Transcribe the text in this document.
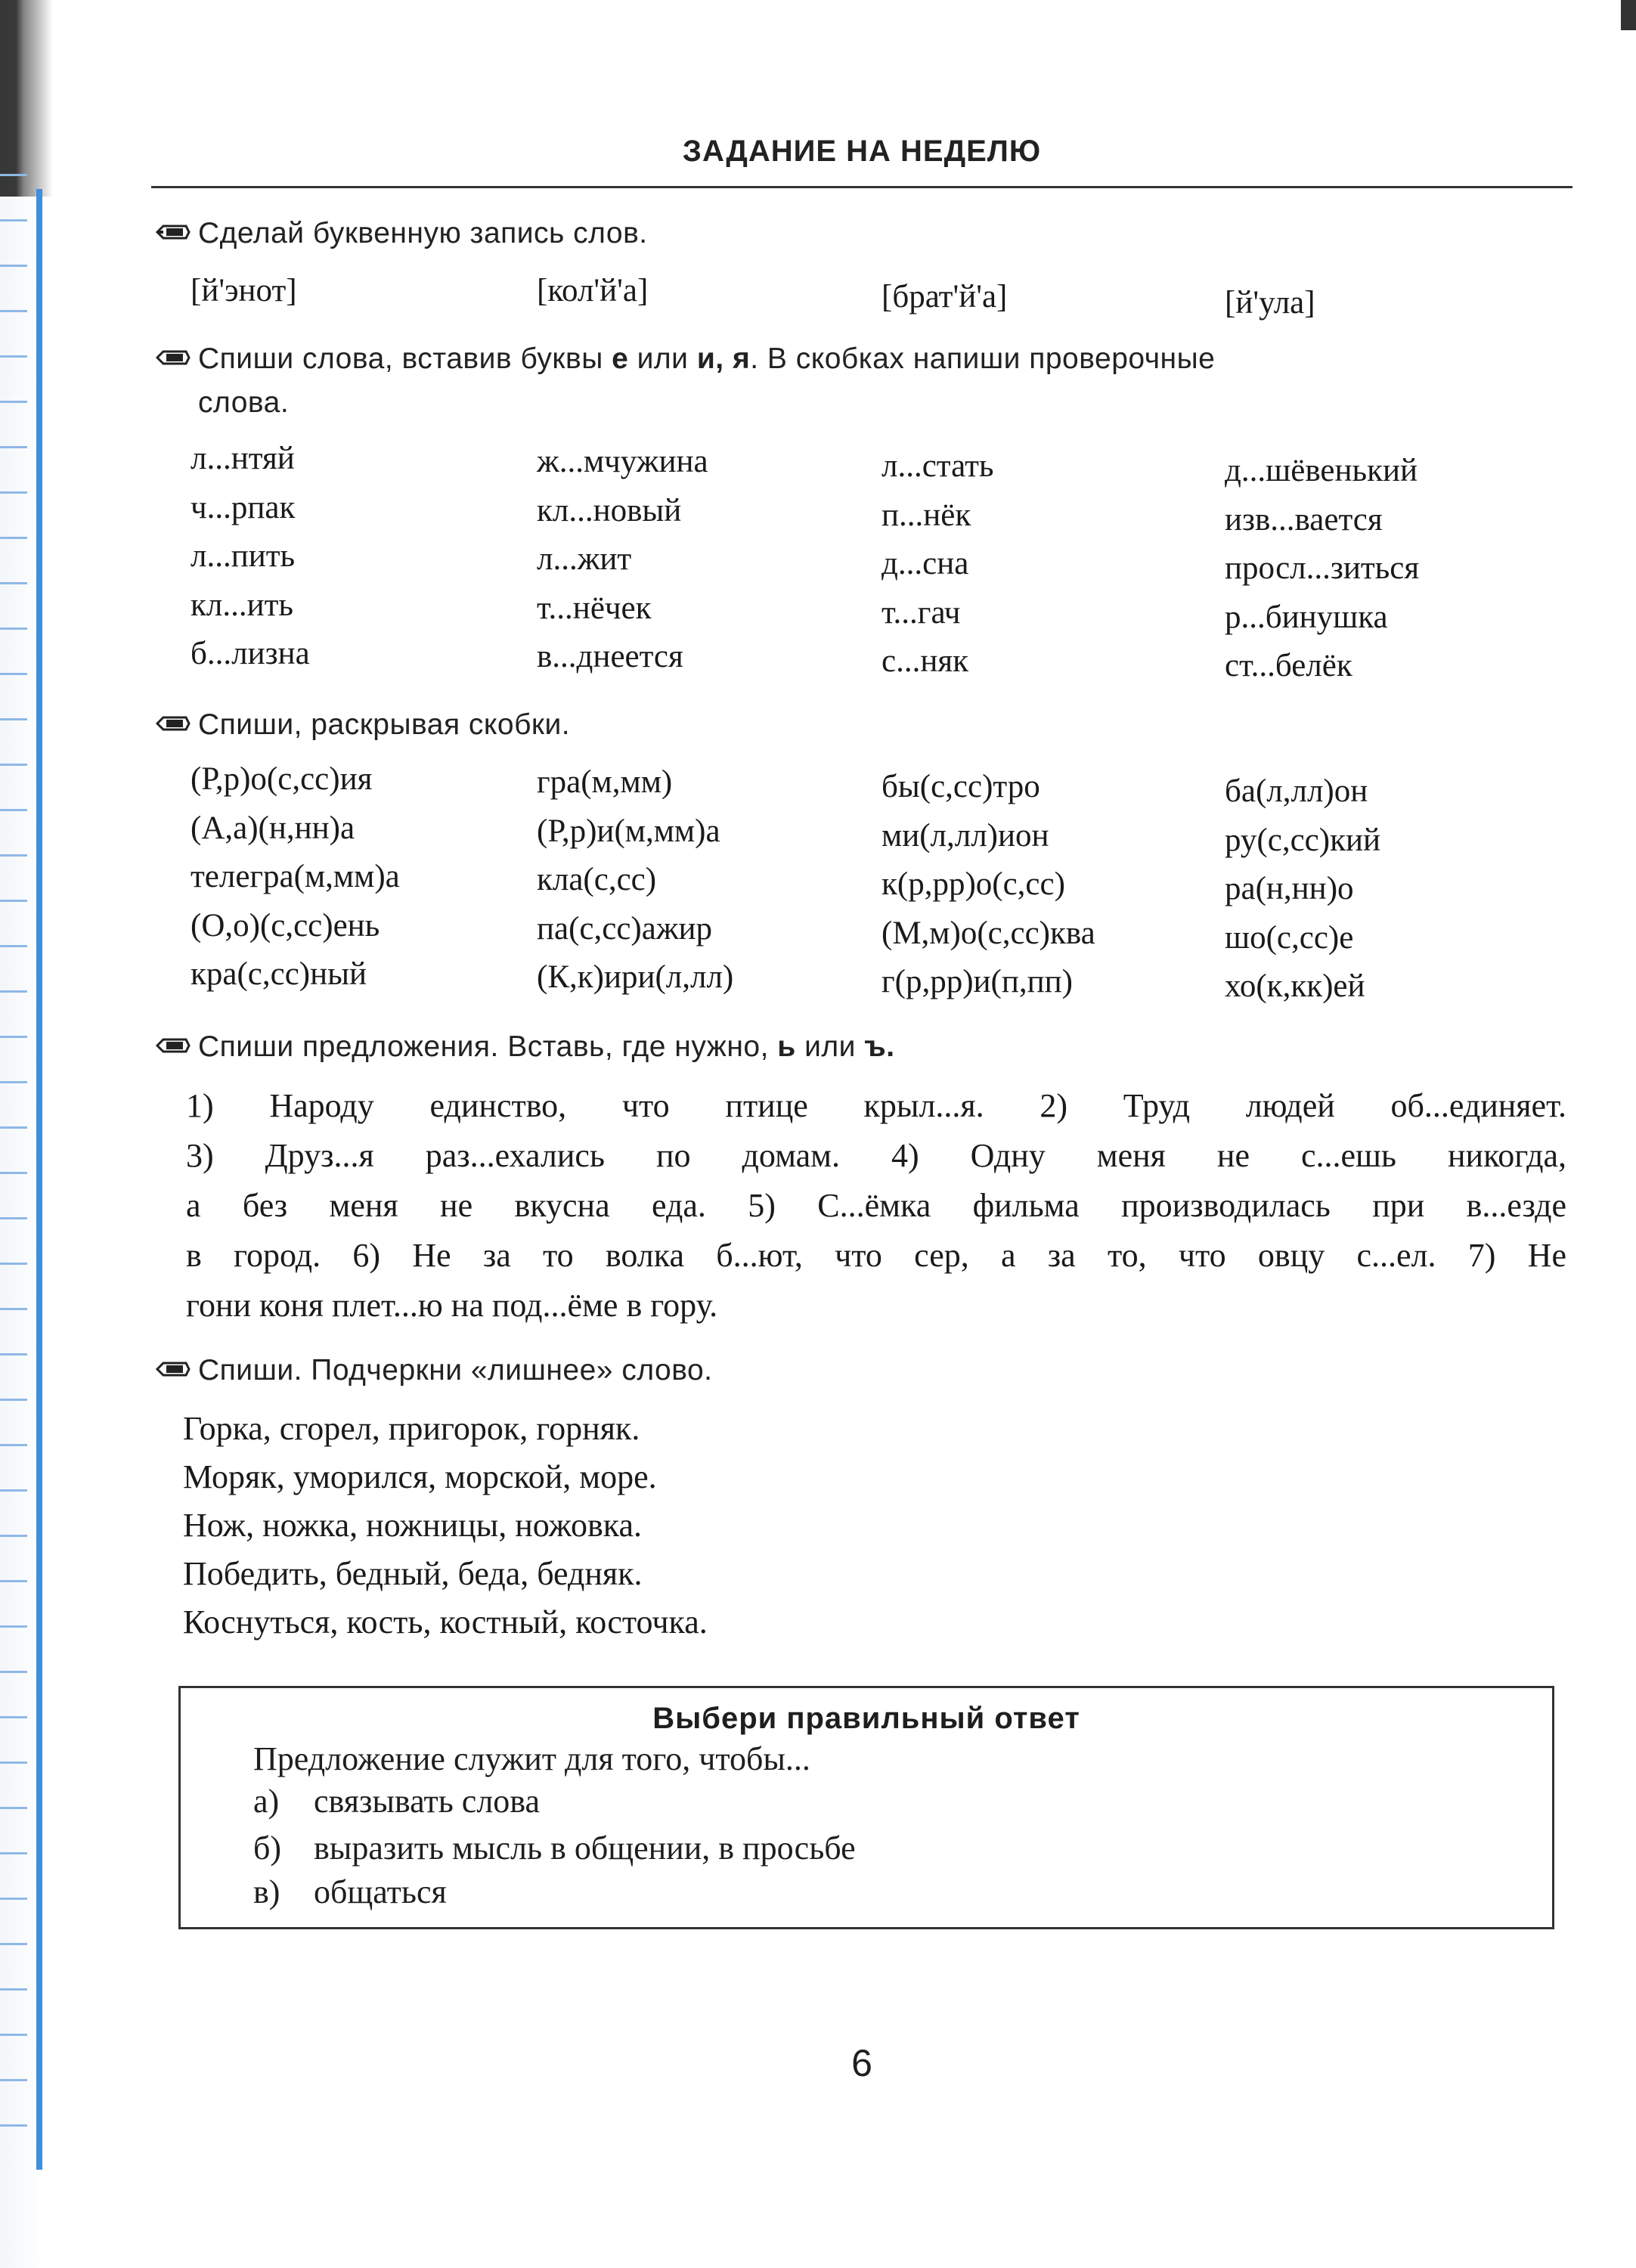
ЗАДАНИЕ НА НЕДЕЛЮ
Сделай буквенную запись слов.
[й'энот]	[кол'й'а]	[брат'й'а]	[й'ула]
Спиши слова, вставив буквы е или и, я. В скобках напиши проверочные
слова.
л...нтяй	ж...мчужина	л...стать	д...шёвенький
ч...рпак	кл...новый	п...нёк	изв...вается
л...пить	л...жит	д...сна	просл...зиться
кл...ить	т...нёчек	т...гач	р...бинушка
б...лизна	в...днеется	с...няк	ст...белёк
Спиши, раскрывая скобки.
(Р,р)о(с,сс)ия	гра(м,мм)	бы(с,сс)тро	ба(л,лл)он
(А,а)(н,нн)а	(Р,р)и(м,мм)а	ми(л,лл)ион	ру(с,сс)кий
телегра(м,мм)а	кла(с,сс)	к(р,рр)о(с,сс)	ра(н,нн)о
(О,о)(с,сс)ень	па(с,сс)ажир	(М,м)о(с,сс)ква	шо(с,сс)е
кра(с,сс)ный	(К,к)ири(л,лл)	г(р,рр)и(п,пп)	хо(к,кк)ей
Спиши предложения. Вставь, где нужно, ь или ъ.
1) Народу единство, что птице крыл...я. 2) Труд людей об...единяет.
3) Друз...я раз...ехались по домам. 4) Одну меня не с...ешь никогда,
а без меня не вкусна еда. 5) С...ёмка фильма производилась при в...езде
в город. 6) Не за то волка б...ют, что сер, а за то, что овцу с...ел. 7) Не
гони коня плет...ю на под...ёме в гору.
Спиши. Подчеркни «лишнее» слово.
Горка, сгорел, пригорок, горняк.
Моряк, уморился, морской, море.
Нож, ножка, ножницы, ножовка.
Победить, бедный, беда, бедняк.
Коснуться, кость, костный, косточка.
Выбери правильный ответ
Предложение служит для того, чтобы...
а) связывать слова
б) выразить мысль в общении, в просьбе
в) общаться
6
